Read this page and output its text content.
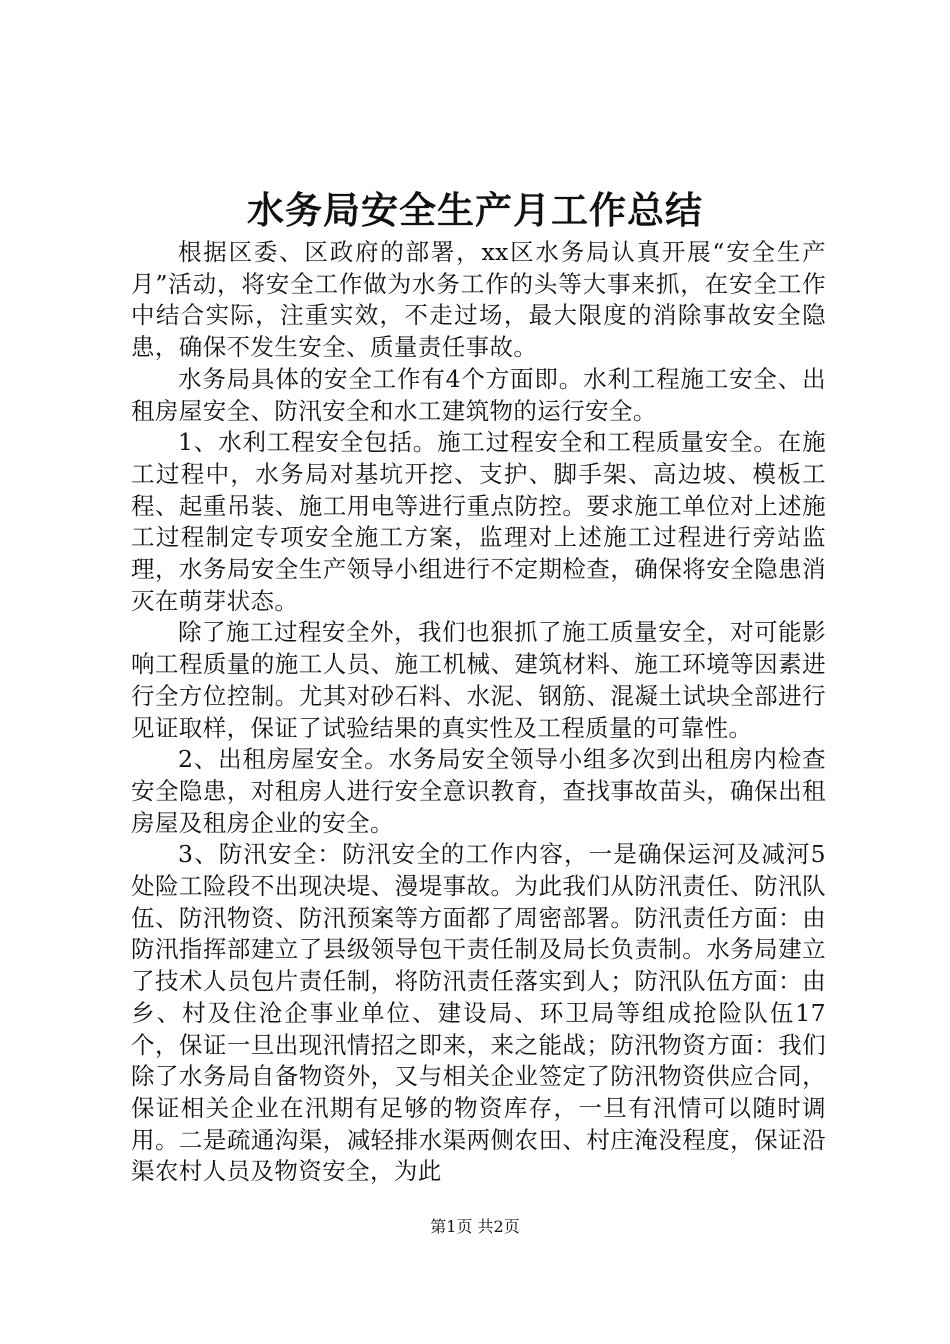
水务局安全生产月工作总结

根据区委、区政府的部署，xx区水务局认真开展“安全生产月”活动，将安全工作做为水务工作的头等大事来抓，在安全工作中结合实际，注重实效，不走过场，最大限度的消除事故安全隐患，确保不发生安全、质量责任事故。

水务局具体的安全工作有4个方面即。水利工程施工安全、出租房屋安全、防汛安全和水工建筑物的运行安全。

1、水利工程安全包括。施工过程安全和工程质量安全。在施工过程中，水务局对基坑开挖、支护、脚手架、高边坡、模板工程、起重吊装、施工用电等进行重点防控。要求施工单位对上述施工过程制定专项安全施工方案，监理对上述施工过程进行旁站监理，水务局安全生产领导小组进行不定期检查，确保将安全隐患消灭在萌芽状态。

除了施工过程安全外，我们也狠抓了施工质量安全，对可能影响工程质量的施工人员、施工机械、建筑材料、施工环境等因素进行全方位控制。尤其对砂石料、水泥、钢筋、混凝土试块全部进行见证取样，保证了试验结果的真实性及工程质量的可靠性。

2、出租房屋安全。水务局安全领导小组多次到出租房内检查安全隐患，对租房人进行安全意识教育，查找事故苗头，确保出租房屋及租房企业的安全。

3、防汛安全：防汛安全的工作内容，一是确保运河及减河5处险工险段不出现决堤、漫堤事故。为此我们从防汛责任、防汛队伍、防汛物资、防汛预案等方面都了周密部署。防汛责任方面：由防汛指挥部建立了县级领导包干责任制及局长负责制。水务局建立了技术人员包片责任制，将防汛责任落实到人；防汛队伍方面：由乡、村及住沧企事业单位、建设局、环卫局等组成抢险队伍17个，保证一旦出现汛情招之即来，来之能战；防汛物资方面：我们除了水务局自备物资外，又与相关企业签定了防汛物资供应合同，保证相关企业在汛期有足够的物资库存，一旦有汛情可以随时调用。二是疏通沟渠，减轻排水渠两侧农田、村庄淹没程度，保证沿渠农村人员及物资安全，为此

第1页 共2页
